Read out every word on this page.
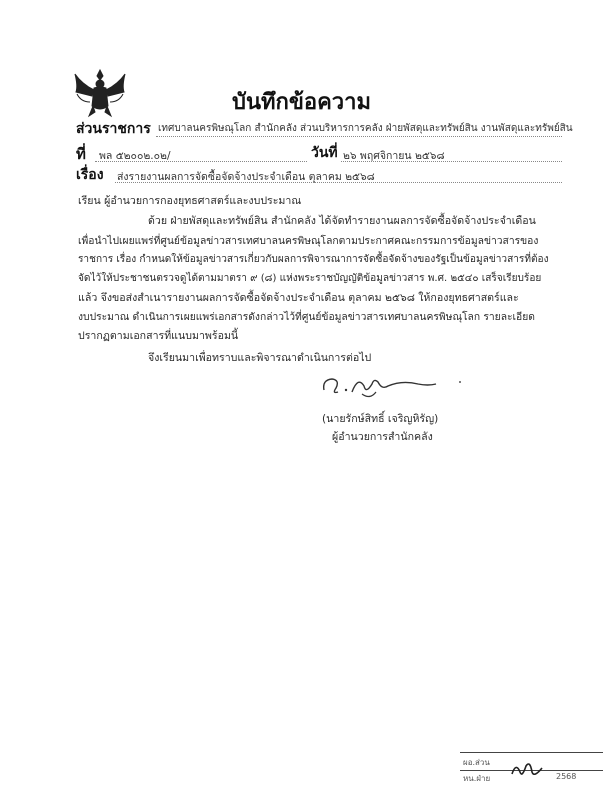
บันทึกข้อความ
ส่วนราชการ เทศบาลนครพิษณุโลก สำนักคลัง ส่วนบริหารการคลัง ฝ่ายพัสดุและทรัพย์สิน งานพัสดุและทรัพย์สิน
ที่ พล ๕๒๐๐๒.๐๒/	วันที่ ๒๖ พฤศจิกายน ๒๕๖๘
เรื่อง ส่งรายงานผลการจัดซื้อจัดจ้างประจำเดือน ตุลาคม ๒๕๖๘
เรียน ผู้อำนวยการกองยุทธศาสตร์และงบประมาณ
ด้วย ฝ่ายพัสดุและทรัพย์สิน สำนักคลัง ได้จัดทำรายงานผลการจัดซื้อจัดจ้างประจำเดือน
เพื่อนำไปเผยแพร่ที่ศูนย์ข้อมูลข่าวสารเทศบาลนครพิษณุโลกตามประกาศคณะกรรมการข้อมูลข่าวสารของ
ราชการ เรื่อง กำหนดให้ข้อมูลข่าวสารเกี่ยวกับผลการพิจารณาการจัดซื้อจัดจ้างของรัฐเป็นข้อมูลข่าวสารที่ต้อง
จัดไว้ให้ประชาชนตรวจดูได้ตามมาตรา ๙ (๘) แห่งพระราชบัญญัติข้อมูลข่าวสาร พ.ศ. ๒๕๔๐ เสร็จเรียบร้อย
แล้ว จึงขอส่งสำเนารายงานผลการจัดซื้อจัดจ้างประจำเดือน ตุลาคม ๒๕๖๘ ให้กองยุทธศาสตร์และ
งบประมาณ ดำเนินการเผยแพร่เอกสารดังกล่าวไว้ที่ศูนย์ข้อมูลข่าวสารเทศบาลนครพิษณุโลก รายละเอียด
ปรากฏตามเอกสารที่แนบมาพร้อมนี้
จึงเรียนมาเพื่อทราบและพิจารณาดำเนินการต่อไป
(นายรักษ์สิทธิ์ เจริญหิรัญ)
ผู้อำนวยการสำนักคลัง
ผอ.ส่วน
หน.ฝ่าย	2568
